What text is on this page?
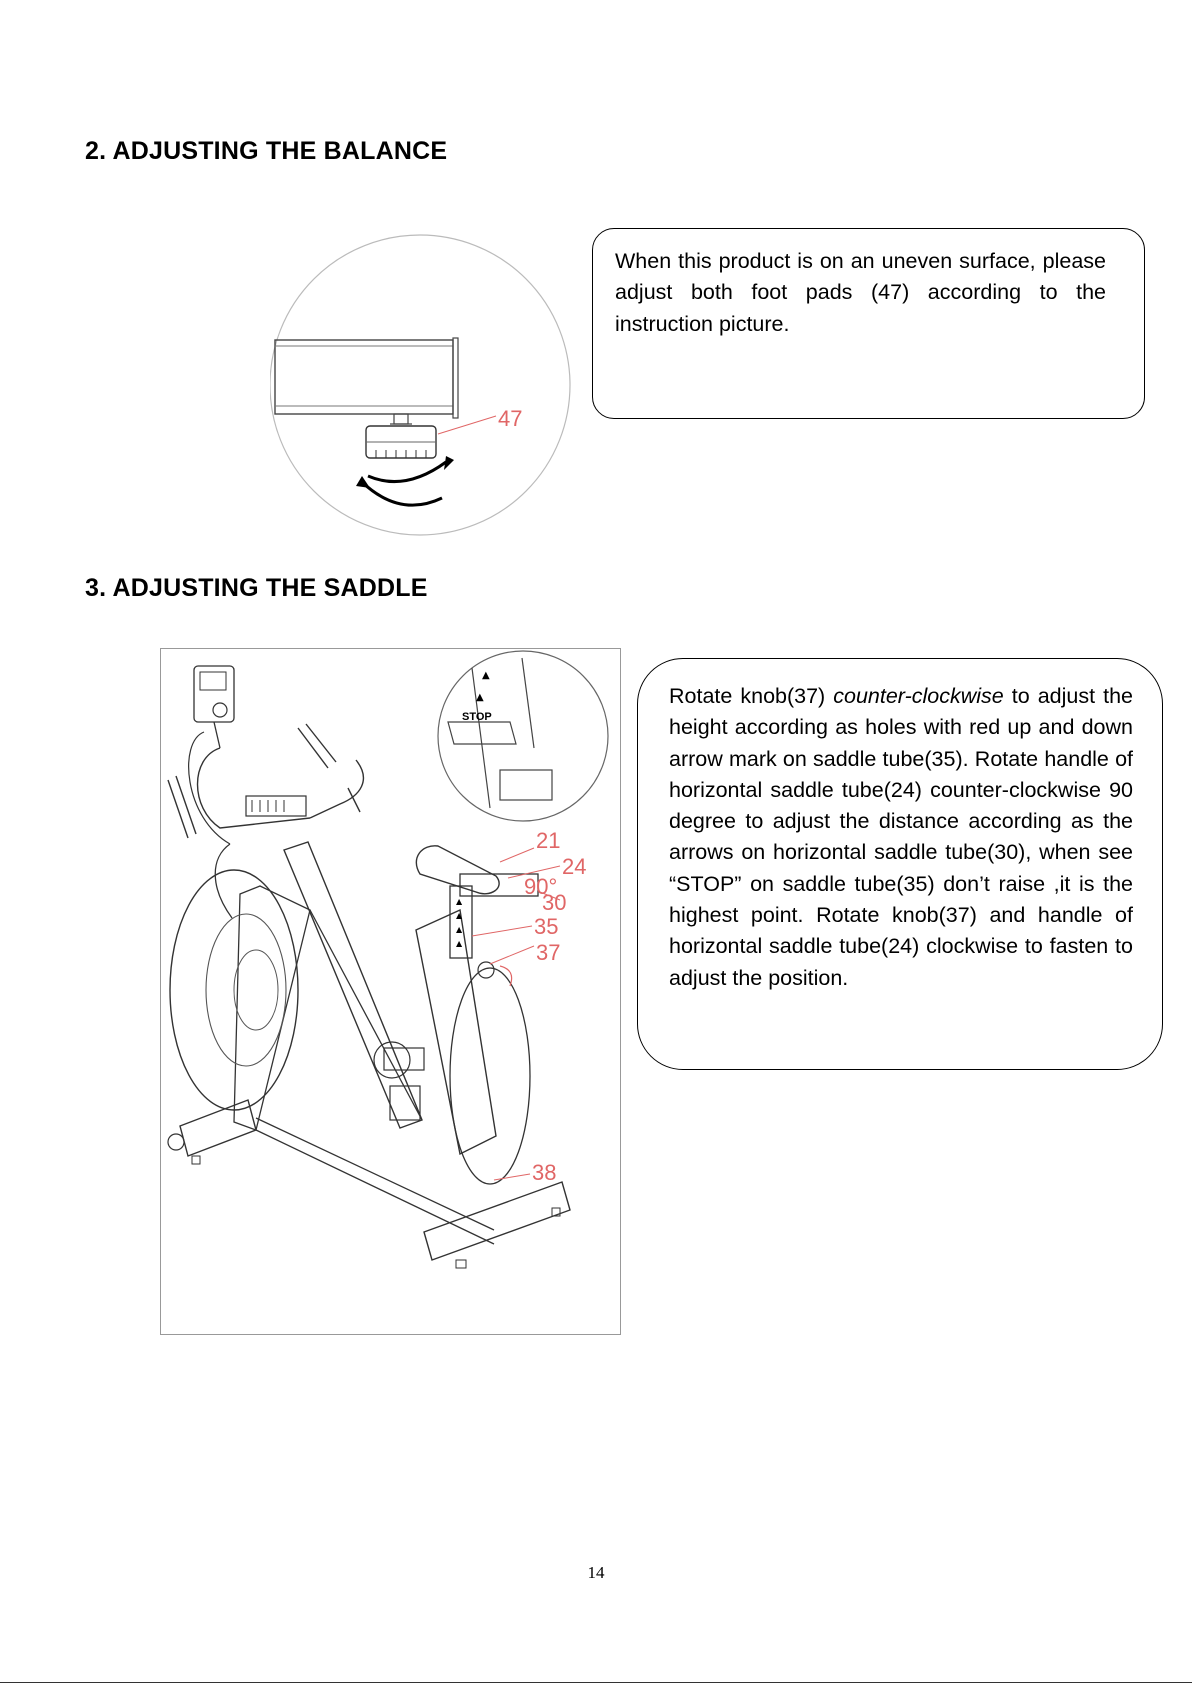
2. ADJUSTING THE BALANCE
47

When this product is on an uneven surface, please adjust both foot pads (47) according to the instruction picture.

3. ADJUSTING THE SADDLE
STOP
▲
▲
▲
▲
▲
▲
21
24
90°
30
35
37
38

Rotate knob(37) counter-clockwise to adjust the height according as holes with red up and down arrow mark on saddle tube(35). Rotate handle of horizontal saddle tube(24) counter-clockwise 90 degree to adjust the distance according as the arrows on horizontal saddle tube(30), when see “STOP” on saddle tube(35) don’t raise ,it is the highest point. Rotate knob(37) and handle of horizontal saddle tube(24) clockwise to fasten to adjust the position.

14
